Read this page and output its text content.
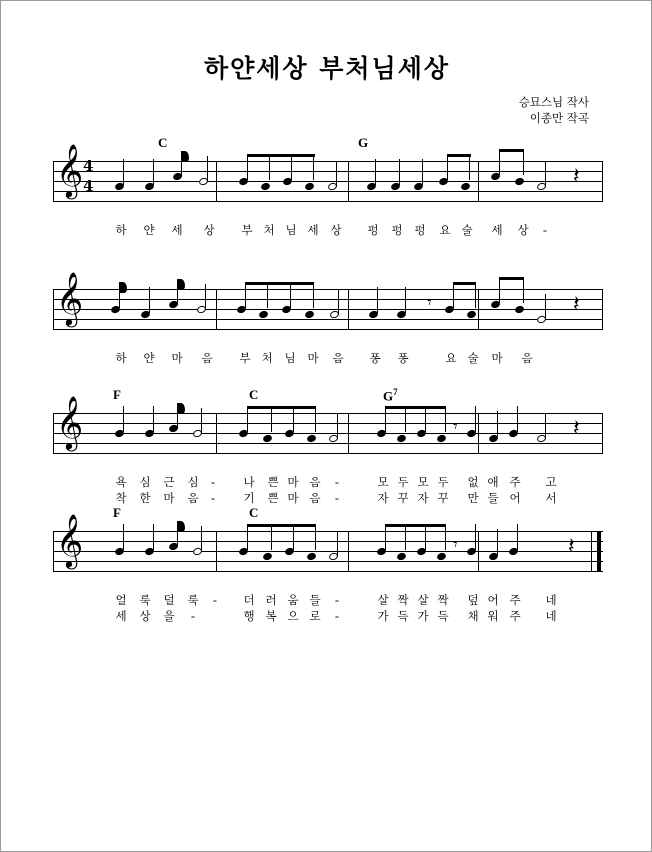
하얀세상 부처님세상
승묘스님 작사
이종만 작곡
𝄞 4
4	𝄽
C	G
하 얀 세 상 부 처 님 세 상 펑 펑 펑 요 술 세 상 -
𝄞	𝄾	𝄽
하 얀 마 음 부 처 님 마 음 퐁 퐁	요 술 마 음
𝄞	𝄾	𝄽
F	C	$G^7$
욕 심 근 심 - 나 쁜 마 음 -	모 두 모 두 없 애 주 고
착 한 마 음 - 기 쁜 마 음 -	자 꾸 자 꾸 만 들 어 서
𝄞	𝄾	𝄽
F	C
얼 룩 덜 룩 - 더 러 움 들 -	살 짝 살 짝 덮 어 주 네
세 상 을 -	행 복 으 로 -	가 득 가 득 채 워 주 네
